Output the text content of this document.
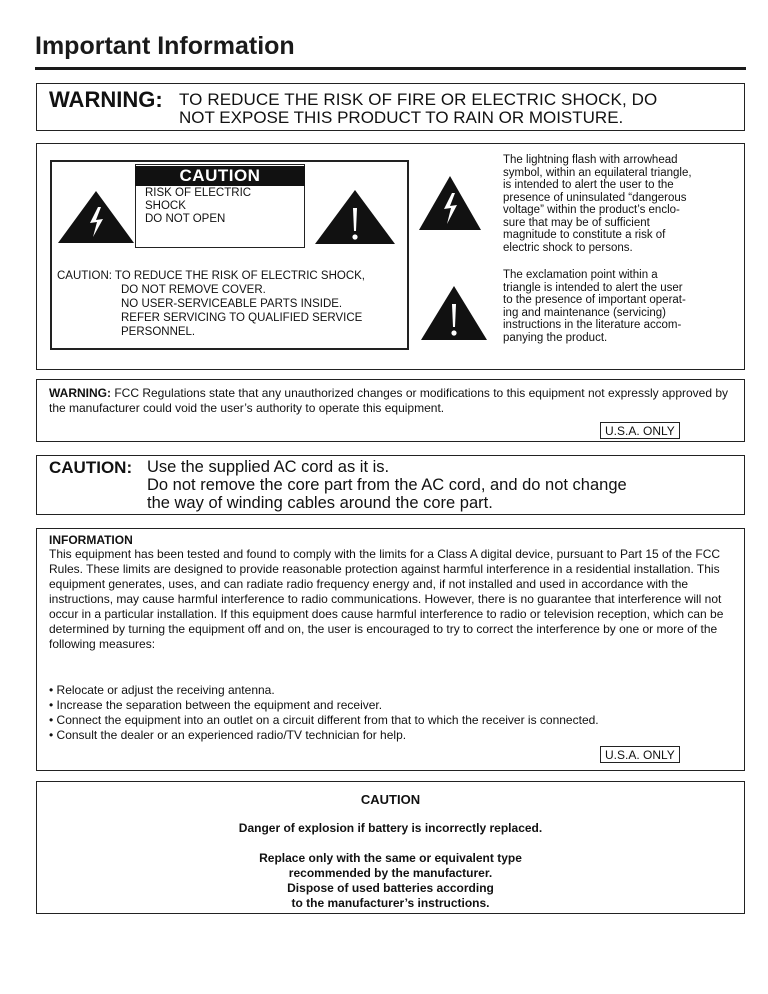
Important Information
WARNING: TO REDUCE THE RISK OF FIRE OR ELECTRIC SHOCK, DO
NOT EXPOSE THIS PRODUCT TO RAIN OR MOISTURE.
CAUTION
RISK OF ELECTRIC
SHOCK
DO NOT OPEN
CAUTION: TO REDUCE THE RISK OF ELECTRIC SHOCK,
DO NOT REMOVE COVER.
NO USER-SERVICEABLE PARTS INSIDE.
REFER SERVICING TO QUALIFIED SERVICE
PERSONNEL.
The lightning flash with arrowhead
symbol, within an equilateral triangle,
is intended to alert the user to the
presence of uninsulated “dangerous
voltage” within the product’s enclo-
sure that may be of sufficient
magnitude to constitute a risk of
electric shock to persons.
The exclamation point within a
triangle is intended to alert the user
to the presence of important operat-
ing and maintenance (servicing)
instructions in the literature accom-
panying the product.
WARNING: FCC Regulations state that any unauthorized changes or modifications to this equipment not expressly approved by the manufacturer could void the user’s authority to operate this equipment.
U.S.A. ONLY
CAUTION: Use the supplied AC cord as it is.
Do not remove the core part from the AC cord, and do not change
the way of winding cables around the core part.
INFORMATION
This equipment has been tested and found to comply with the limits for a Class A digital device, pursuant to Part 15 of the FCC Rules. These limits are designed to provide reasonable protection against harmful interference in a residential installation. This equipment generates, uses, and can radiate radio frequency energy and, if not installed and used in accordance with the instructions, may cause harmful interference to radio communications. However, there is no guarantee that interference will not occur in a particular installation. If this equipment does cause harmful interference to radio or television reception, which can be determined by turning the equipment off and on, the user is encouraged to try to correct the interference by one or more of the following measures:
• Relocate or adjust the receiving antenna.
• Increase the separation between the equipment and receiver.
• Connect the equipment into an outlet on a circuit different from that to which the receiver is connected.
• Consult the dealer or an experienced radio/TV technician for help.
U.S.A. ONLY
CAUTION
Danger of explosion if battery is incorrectly replaced.
Replace only with the same or equivalent type
recommended by the manufacturer.
Dispose of used batteries according
to the manufacturer’s instructions.
